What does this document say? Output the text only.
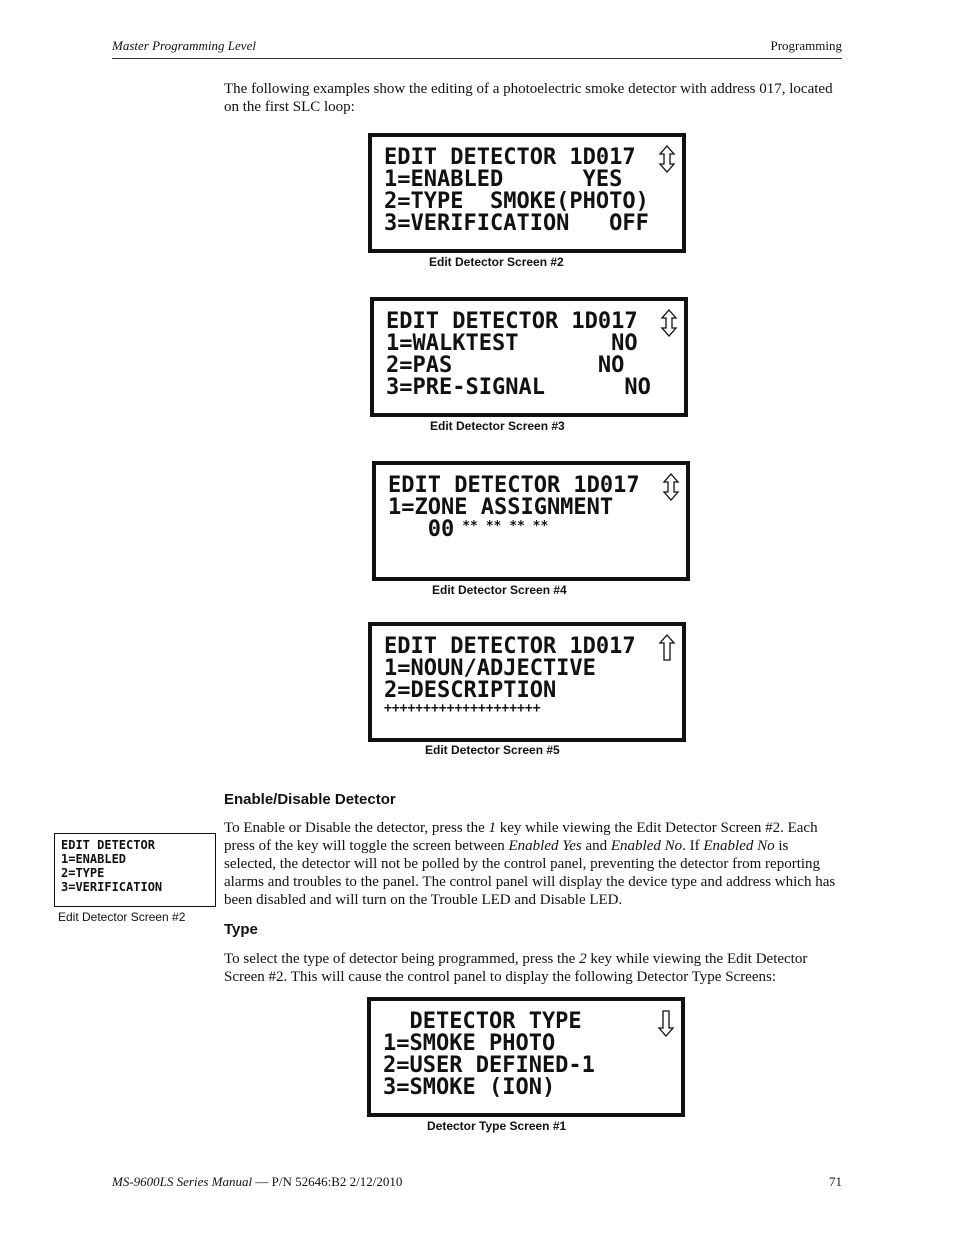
Master Programming Level	Programming
The following examples show the editing of a photoelectric smoke detector with address 017, located on the first SLC loop:
EDIT DETECTOR 1D017
1=ENABLED      YES
2=TYPE  SMOKE(PHOTO)
3=VERIFICATION   OFF
Edit Detector Screen #2
EDIT DETECTOR 1D017
1=WALKTEST       NO
2=PAS           NO
3=PRE-SIGNAL      NO
Edit Detector Screen #3
EDIT DETECTOR 1D017
1=ZONE ASSIGNMENT
00 ** ** ** **
Edit Detector Screen #4
EDIT DETECTOR 1D017
1=NOUN/ADJECTIVE
2=DESCRIPTION
++++++++++++++++++++
Edit Detector Screen #5
Enable/Disable Detector
EDIT DETECTOR
1=ENABLED
2=TYPE
3=VERIFICATION
Edit Detector Screen #2
To Enable or Disable the detector, press the 1 key while viewing the Edit Detector Screen #2. Each press of the key will toggle the screen between Enabled Yes and Enabled No. If Enabled No is selected, the detector will not be polled by the control panel, preventing the detector from reporting alarms and troubles to the panel. The control panel will display the device type and address which has been disabled and will turn on the Trouble LED and Disable LED.
Type
To select the type of detector being programmed, press the 2 key while viewing the Edit Detector Screen #2. This will cause the control panel to display the following Detector Type Screens:
DETECTOR TYPE
1=SMOKE PHOTO
2=USER DEFINED-1
3=SMOKE (ION)
Detector Type Screen #1
MS-9600LS Series Manual — P/N 52646:B2 2/12/2010	71
